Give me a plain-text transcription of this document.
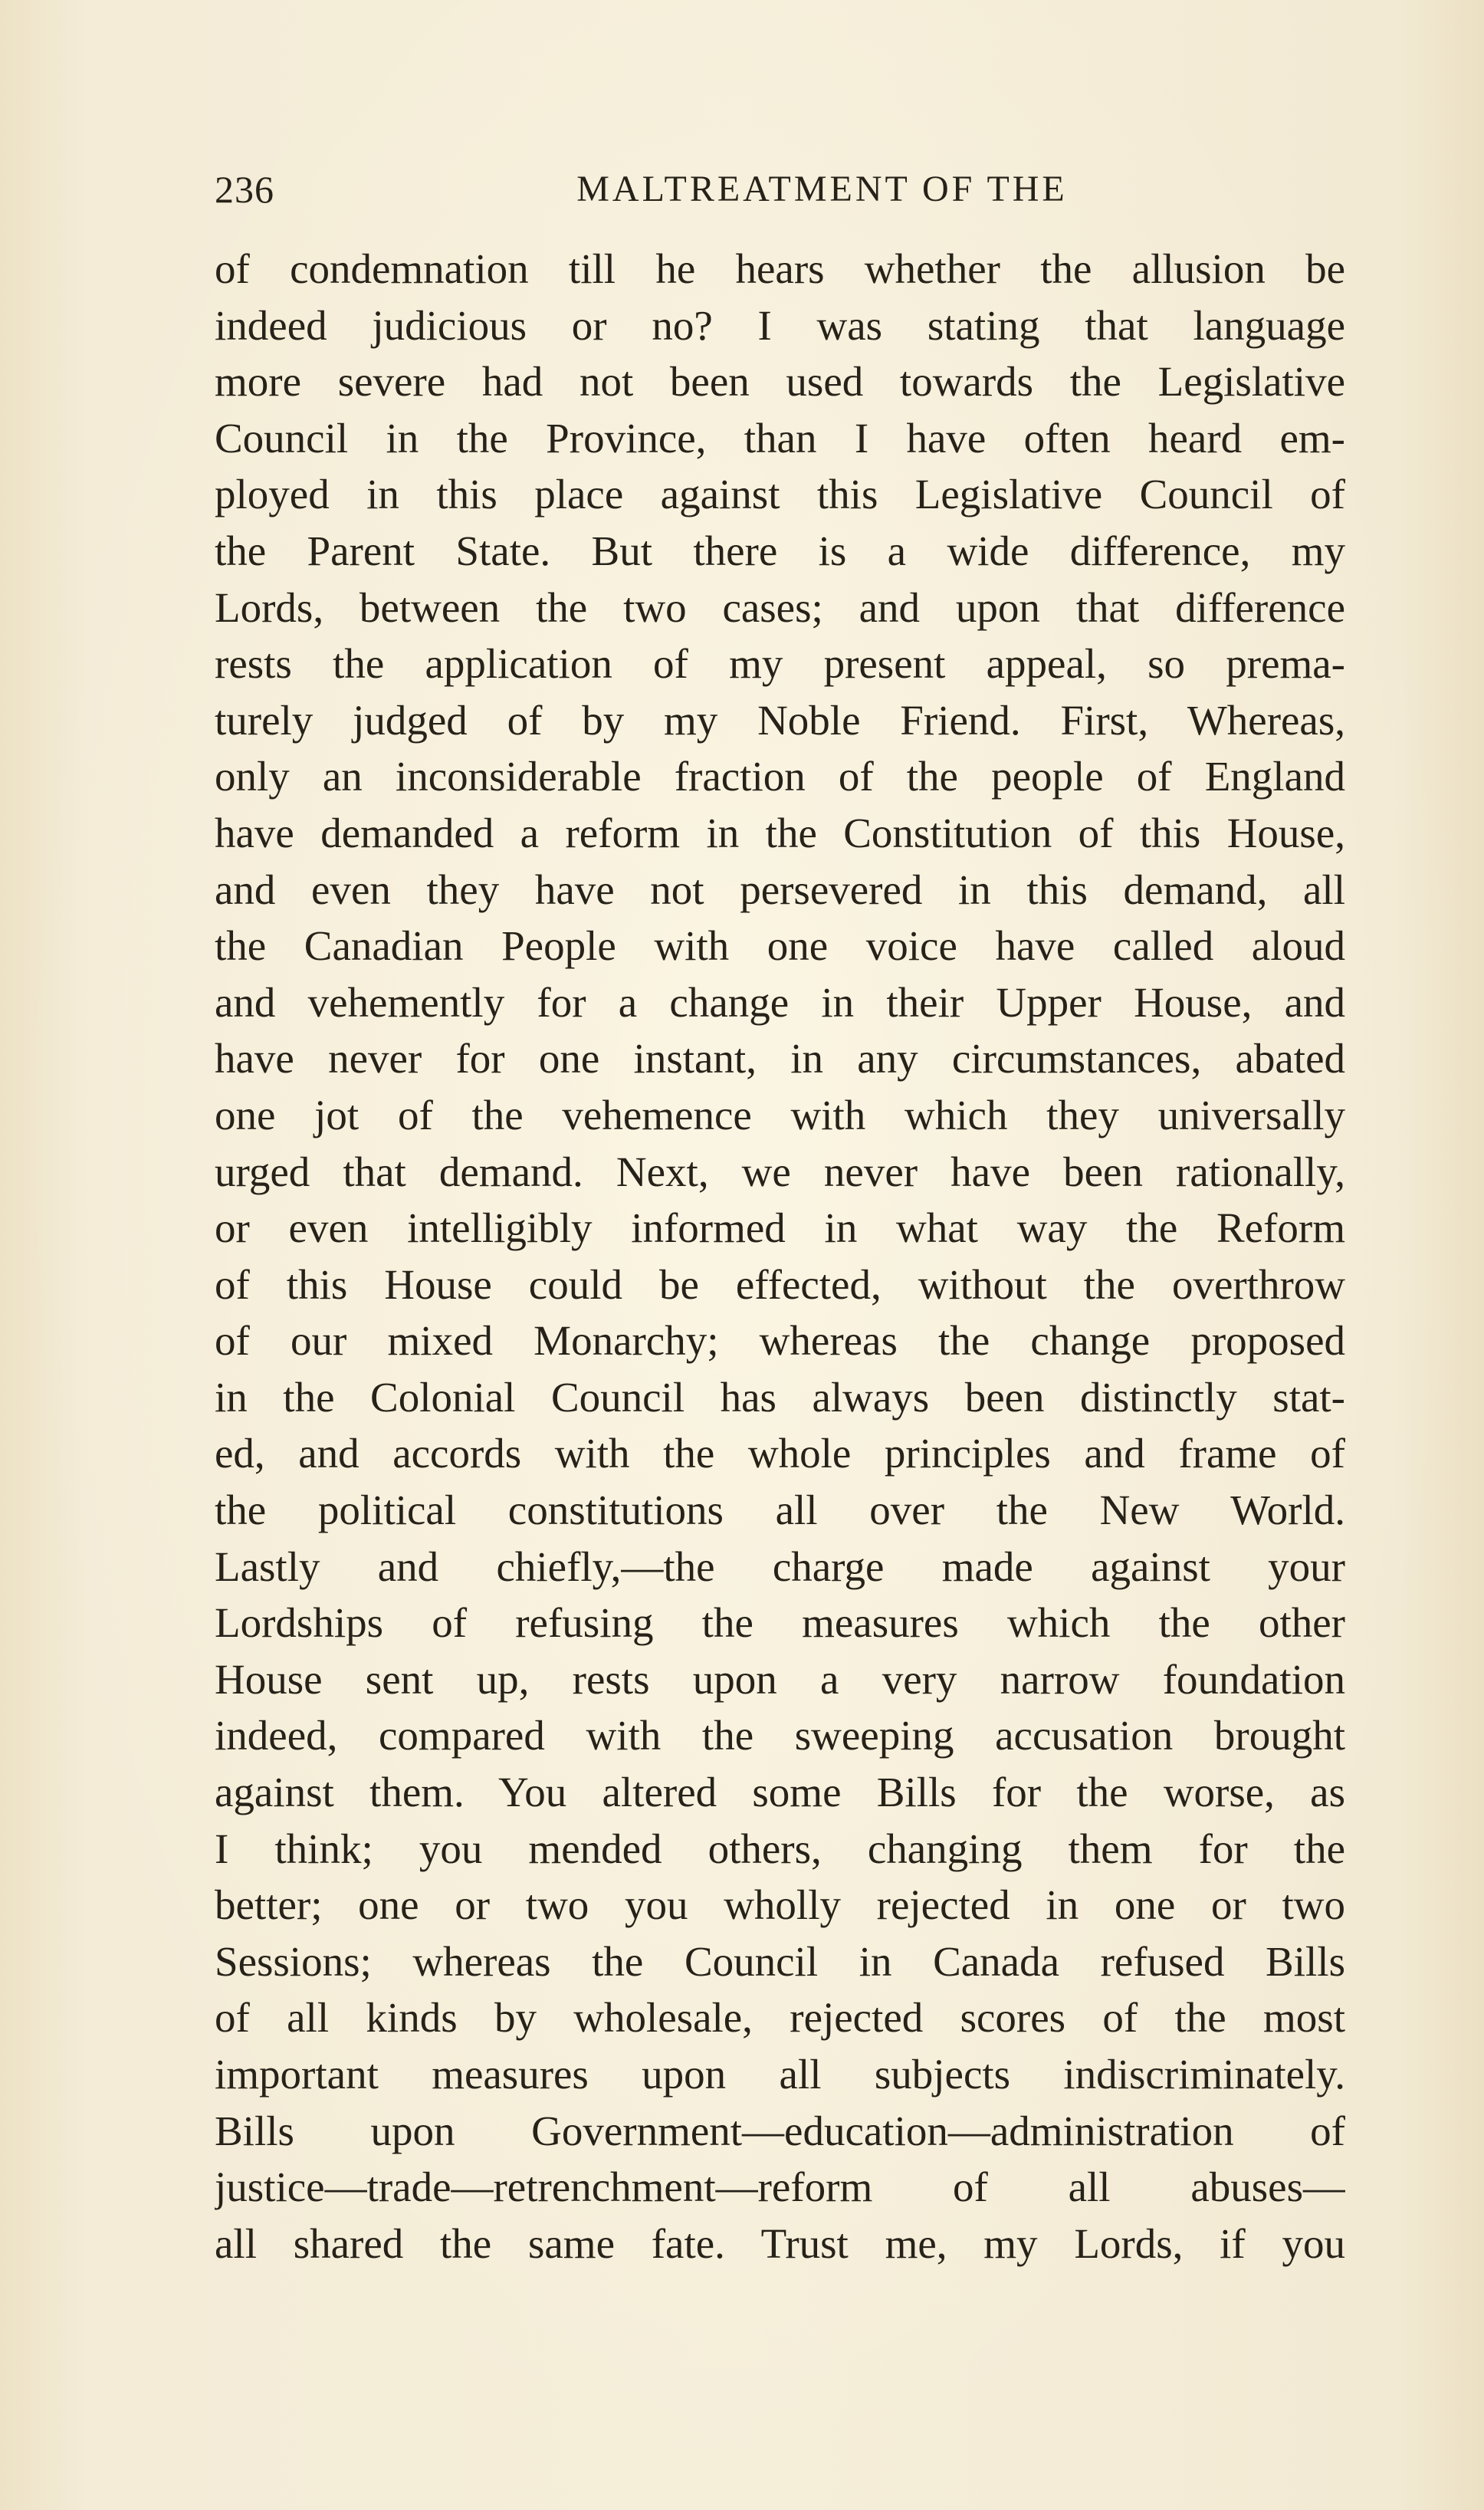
236	MALTREATMENT OF THE
of condemnation till he hears whether the allusion be
indeed judicious or no? I was stating that language
more severe had not been used towards the Legislative
Council in the Province, than I have often heard em-
ployed in this place against this Legislative Council of
the Parent State. But there is a wide difference, my
Lords, between the two cases; and upon that difference
rests the application of my present appeal, so prema-
turely judged of by my Noble Friend. First, Whereas,
only an inconsiderable fraction of the people of England
have demanded a reform in the Constitution of this House,
and even they have not persevered in this demand, all
the Canadian People with one voice have called aloud
and vehemently for a change in their Upper House, and
have never for one instant, in any circumstances, abated
one jot of the vehemence with which they universally
urged that demand. Next, we never have been rationally,
or even intelligibly informed in what way the Reform
of this House could be effected, without the overthrow
of our mixed Monarchy; whereas the change proposed
in the Colonial Council has always been distinctly stat-
ed, and accords with the whole principles and frame of
the political constitutions all over the New World.
Lastly and chiefly,—the charge made against your
Lordships of refusing the measures which the other
House sent up, rests upon a very narrow foundation
indeed, compared with the sweeping accusation brought
against them. You altered some Bills for the worse, as
I think; you mended others, changing them for the
better; one or two you wholly rejected in one or two
Sessions; whereas the Council in Canada refused Bills
of all kinds by wholesale, rejected scores of the most
important measures upon all subjects indiscriminately.
Bills upon Government—education—administration of
justice—trade—retrenchment—reform of all abuses—
all shared the same fate. Trust me, my Lords, if you
